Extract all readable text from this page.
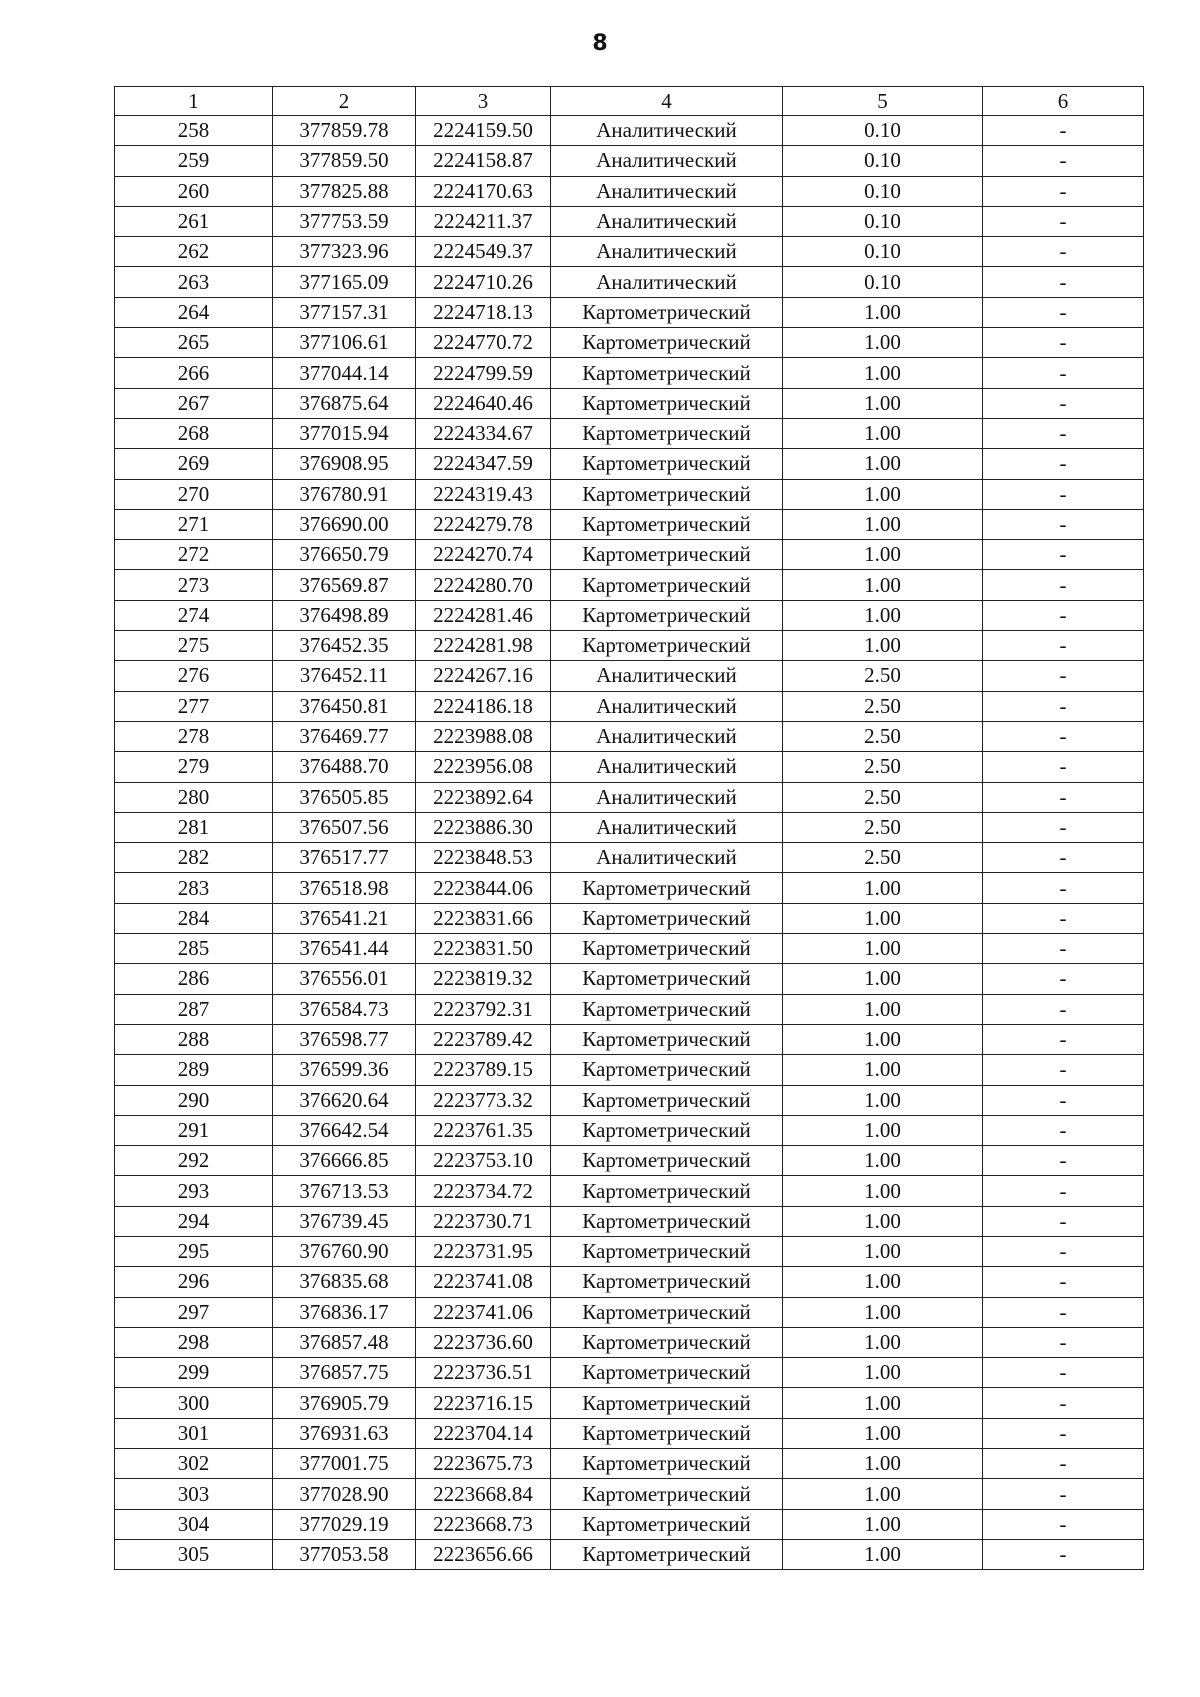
8
1	2	3	4	5	6
258	377859.78	2224159.50	Аналитический	0.10	-
259	377859.50	2224158.87	Аналитический	0.10	-
260	377825.88	2224170.63	Аналитический	0.10	-
261	377753.59	2224211.37	Аналитический	0.10	-
262	377323.96	2224549.37	Аналитический	0.10	-
263	377165.09	2224710.26	Аналитический	0.10	-
264	377157.31	2224718.13	Картометрический	1.00	-
265	377106.61	2224770.72	Картометрический	1.00	-
266	377044.14	2224799.59	Картометрический	1.00	-
267	376875.64	2224640.46	Картометрический	1.00	-
268	377015.94	2224334.67	Картометрический	1.00	-
269	376908.95	2224347.59	Картометрический	1.00	-
270	376780.91	2224319.43	Картометрический	1.00	-
271	376690.00	2224279.78	Картометрический	1.00	-
272	376650.79	2224270.74	Картометрический	1.00	-
273	376569.87	2224280.70	Картометрический	1.00	-
274	376498.89	2224281.46	Картометрический	1.00	-
275	376452.35	2224281.98	Картометрический	1.00	-
276	376452.11	2224267.16	Аналитический	2.50	-
277	376450.81	2224186.18	Аналитический	2.50	-
278	376469.77	2223988.08	Аналитический	2.50	-
279	376488.70	2223956.08	Аналитический	2.50	-
280	376505.85	2223892.64	Аналитический	2.50	-
281	376507.56	2223886.30	Аналитический	2.50	-
282	376517.77	2223848.53	Аналитический	2.50	-
283	376518.98	2223844.06	Картометрический	1.00	-
284	376541.21	2223831.66	Картометрический	1.00	-
285	376541.44	2223831.50	Картометрический	1.00	-
286	376556.01	2223819.32	Картометрический	1.00	-
287	376584.73	2223792.31	Картометрический	1.00	-
288	376598.77	2223789.42	Картометрический	1.00	-
289	376599.36	2223789.15	Картометрический	1.00	-
290	376620.64	2223773.32	Картометрический	1.00	-
291	376642.54	2223761.35	Картометрический	1.00	-
292	376666.85	2223753.10	Картометрический	1.00	-
293	376713.53	2223734.72	Картометрический	1.00	-
294	376739.45	2223730.71	Картометрический	1.00	-
295	376760.90	2223731.95	Картометрический	1.00	-
296	376835.68	2223741.08	Картометрический	1.00	-
297	376836.17	2223741.06	Картометрический	1.00	-
298	376857.48	2223736.60	Картометрический	1.00	-
299	376857.75	2223736.51	Картометрический	1.00	-
300	376905.79	2223716.15	Картометрический	1.00	-
301	376931.63	2223704.14	Картометрический	1.00	-
302	377001.75	2223675.73	Картометрический	1.00	-
303	377028.90	2223668.84	Картометрический	1.00	-
304	377029.19	2223668.73	Картометрический	1.00	-
305	377053.58	2223656.66	Картометрический	1.00	-
